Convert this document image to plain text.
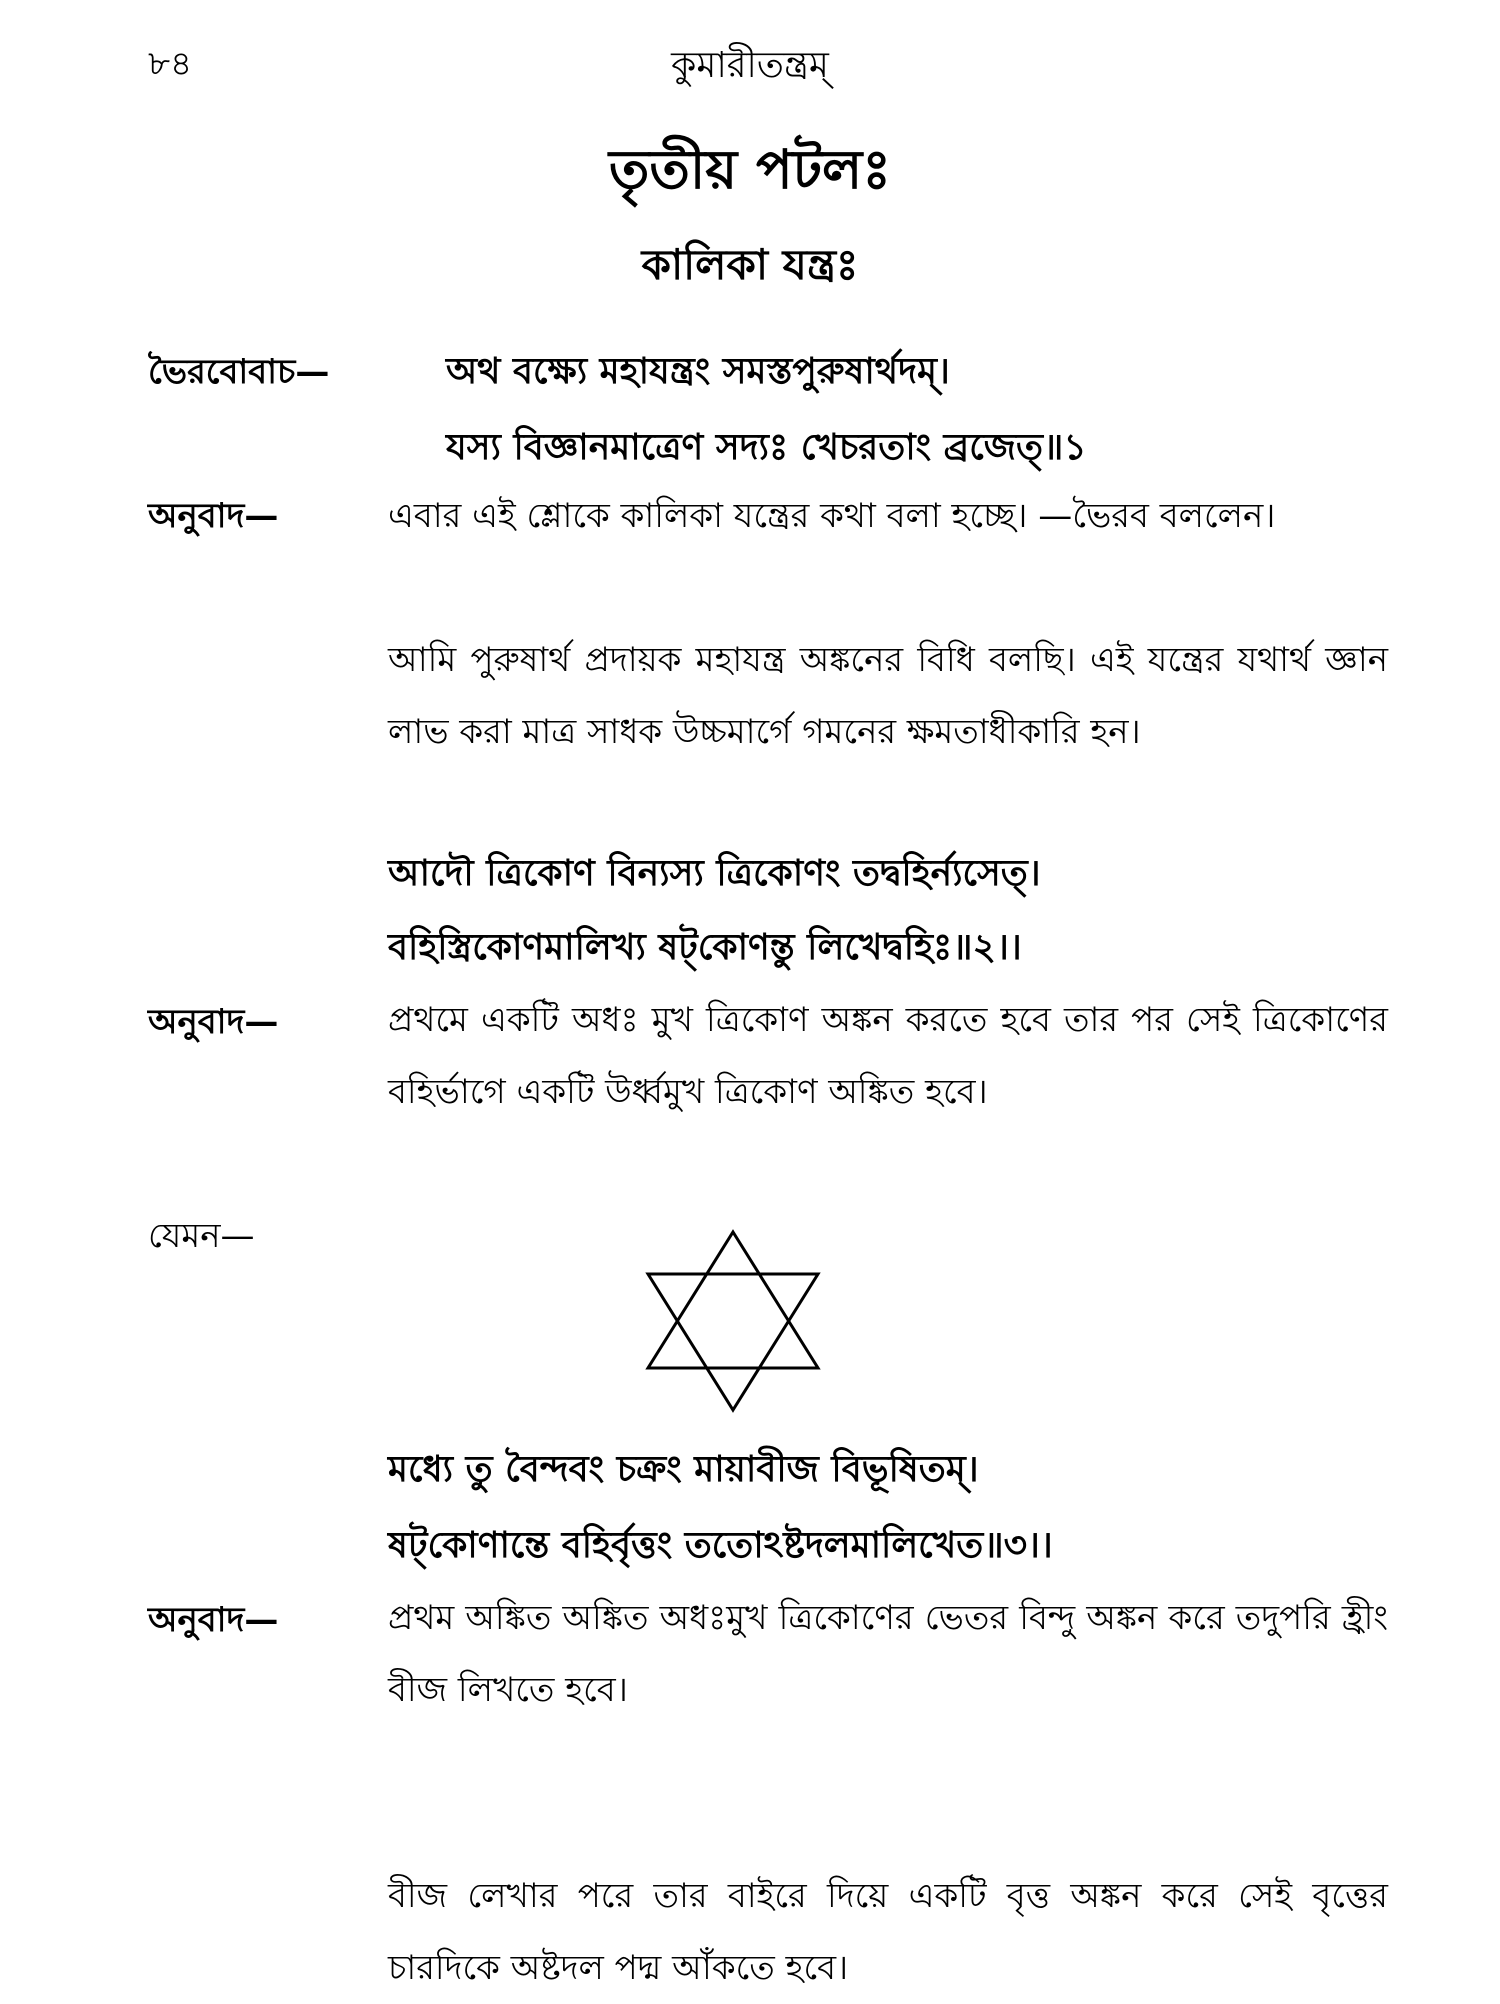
৮৪	কুমারীতন্ত্রম্
তৃতীয় পটলঃ
কালিকা যন্ত্রঃ
ভৈরবোবাচ—	অথ বক্ষ্যে মহাযন্ত্রং সমস্তপুরুষার্থদম্।
যস্য বিজ্ঞানমাত্রেণ সদ্যঃ খেচরতাং ব্রজেত্॥১
অনুবাদ—	এবার এই শ্লোকে কালিকা যন্ত্রের কথা বলা হচ্ছে। —ভৈরব বললেন।
আমি পুরুষার্থ প্রদায়ক মহাযন্ত্র অঙ্কনের বিধি বলছি। এই যন্ত্রের যথার্থ জ্ঞান লাভ করা মাত্র সাধক উচ্চমার্গে গমনের ক্ষমতাধীকারি হন।
আদৌ ত্রিকোণ বিন্যস্য ত্রিকোণং তদ্বহির্ন্যসেত্।
বহিস্ত্রিকোণমালিখ্য ষট্‌কোণন্তু লিখেদ্বহিঃ॥২।।
অনুবাদ—	প্রথমে একটি অধঃ মুখ ত্রিকোণ অঙ্কন করতে হবে তার পর সেই ত্রিকোণের বহির্ভাগে একটি উর্ধ্বমুখ ত্রিকোণ অঙ্কিত হবে।
যেমন—
মধ্যে তু বৈন্দবং চক্রং মায়াবীজ বিভূষিতম্।
ষট্‌কোণান্তে বহির্বৃত্তং ততোঽষ্টদলমালিখেত॥৩।।
অনুবাদ—	প্রথম অঙ্কিত অঙ্কিত অধঃমুখ ত্রিকোণের ভেতর বিন্দু অঙ্কন করে তদুপরি হ্রীং বীজ লিখতে হবে।
বীজ লেখার পরে তার বাইরে দিয়ে একটি বৃত্ত অঙ্কন করে সেই বৃত্তের চারদিকে অষ্টদল পদ্ম আঁকতে হবে।
